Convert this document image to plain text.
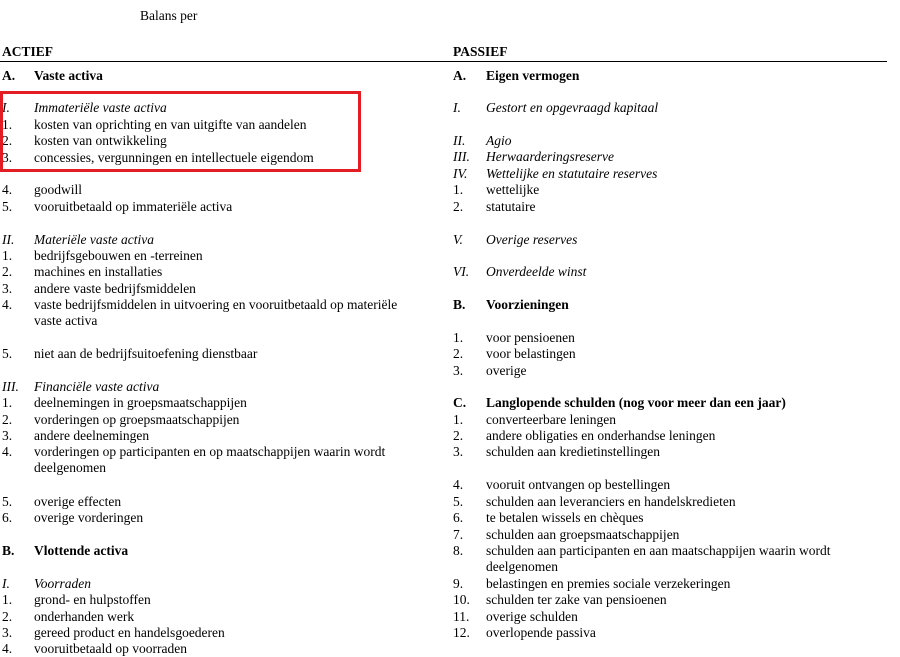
Balans per
ACTIEF	PASSIEF
A. Vaste activa
I. Immateriële vaste activa
1. kosten van oprichting en van uitgifte van aandelen
2. kosten van ontwikkeling
3. concessies, vergunningen en intellectuele eigendom
4. goodwill
5. vooruitbetaald op immateriële activa
II. Materiële vaste activa
1. bedrijfsgebouwen en -terreinen
2. machines en installaties
3. andere vaste bedrijfsmiddelen
4. vaste bedrijfsmiddelen in uitvoering en vooruitbetaald op materiële
vaste activa
5. niet aan de bedrijfsuitoefening dienstbaar
III. Financiële vaste activa
1. deelnemingen in groepsmaatschappijen
2. vorderingen op groepsmaatschappijen
3. andere deelnemingen
4. vorderingen op participanten en op maatschappijen waarin wordt
deelgenomen
5. overige effecten
6. overige vorderingen
B. Vlottende activa
I. Voorraden
1. grond- en hulpstoffen
2. onderhanden werk
3. gereed product en handelsgoederen
4. vooruitbetaald op voorraden
A. Eigen vermogen
I. Gestort en opgevraagd kapitaal
II. Agio
III. Herwaarderingsreserve
IV. Wettelijke en statutaire reserves
1. wettelijke
2. statutaire
V. Overige reserves
VI. Onverdeelde winst
B. Voorzieningen
1. voor pensioenen
2. voor belastingen
3. overige
C. Langlopende schulden (nog voor meer dan een jaar)
1. converteerbare leningen
2. andere obligaties en onderhandse leningen
3. schulden aan kredietinstellingen
4. vooruit ontvangen op bestellingen
5. schulden aan leveranciers en handelskredieten
6. te betalen wissels en chèques
7. schulden aan groepsmaatschappijen
8. schulden aan participanten en aan maatschappijen waarin wordt
deelgenomen
9. belastingen en premies sociale verzekeringen
10. schulden ter zake van pensioenen
11. overige schulden
12. overlopende passiva
